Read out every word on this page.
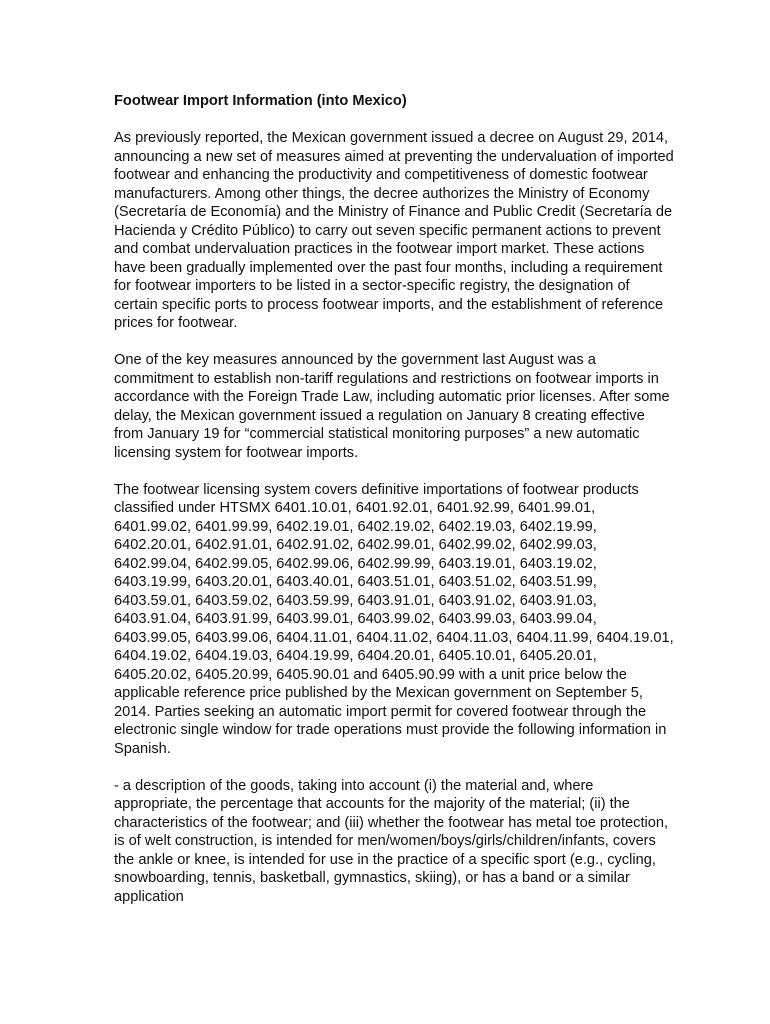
Footwear Import Information (into Mexico)

As previously reported, the Mexican government issued a decree on August 29, 2014, announcing a new set of measures aimed at preventing the undervaluation of imported footwear and enhancing the productivity and competitiveness of domestic footwear manufacturers. Among other things, the decree authorizes the Ministry of Economy (Secretaría de Economía) and the Ministry of Finance and Public Credit (Secretaría de Hacienda y Crédito Público) to carry out seven specific permanent actions to prevent and combat undervaluation practices in the footwear import market. These actions have been gradually implemented over the past four months, including a requirement for footwear importers to be listed in a sector-specific registry, the designation of certain specific ports to process footwear imports, and the establishment of reference prices for footwear.

One of the key measures announced by the government last August was a commitment to establish non-tariff regulations and restrictions on footwear imports in accordance with the Foreign Trade Law, including automatic prior licenses. After some delay, the Mexican government issued a regulation on January 8 creating effective from January 19 for “commercial statistical monitoring purposes” a new automatic licensing system for footwear imports.

The footwear licensing system covers definitive importations of footwear products classified under HTSMX 6401.10.01, 6401.92.01, 6401.92.99, 6401.99.01, 6401.99.02, 6401.99.99, 6402.19.01, 6402.19.02, 6402.19.03, 6402.19.99, 6402.20.01, 6402.91.01, 6402.91.02, 6402.99.01, 6402.99.02, 6402.99.03, 6402.99.04, 6402.99.05, 6402.99.06, 6402.99.99, 6403.19.01, 6403.19.02, 6403.19.99, 6403.20.01, 6403.40.01, 6403.51.01, 6403.51.02, 6403.51.99, 6403.59.01, 6403.59.02, 6403.59.99, 6403.91.01, 6403.91.02, 6403.91.03, 6403.91.04, 6403.91.99, 6403.99.01, 6403.99.02, 6403.99.03, 6403.99.04, 6403.99.05, 6403.99.06, 6404.11.01, 6404.11.02, 6404.11.03, 6404.11.99, 6404.19.01, 6404.19.02, 6404.19.03, 6404.19.99, 6404.20.01, 6405.10.01, 6405.20.01, 6405.20.02, 6405.20.99, 6405.90.01 and 6405.90.99 with a unit price below the applicable reference price published by the Mexican government on September 5, 2014. Parties seeking an automatic import permit for covered footwear through the electronic single window for trade operations must provide the following information in Spanish.

- a description of the goods, taking into account (i) the material and, where appropriate, the percentage that accounts for the majority of the material; (ii) the characteristics of the footwear; and (iii) whether the footwear has metal toe protection, is of welt construction, is intended for men/women/boys/girls/children/infants, covers the ankle or knee, is intended for use in the practice of a specific sport (e.g., cycling, snowboarding, tennis, basketball, gymnastics, skiing), or has a band or a similar application
